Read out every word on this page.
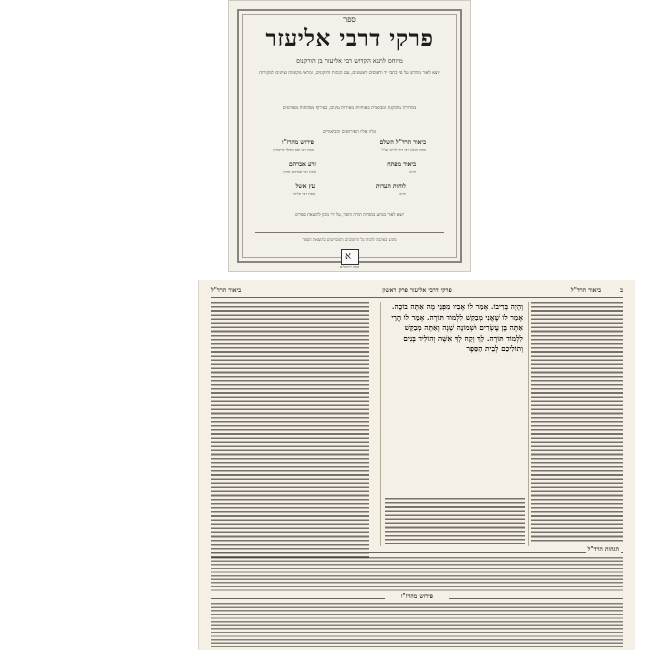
ספר
פרקי דרבי אליעזר
מיוחס לתנא הקדוש רבי אליעזר בן הורקנוס
יוצא לאור מחדש על פי כתבי יד ודפוסים ראשונים, עם הגהות ותיקונים, ומראי מקומות וציונים למקורות
מהדורה מתוקנת ומבוארת באותיות מאירות עינים, בצירוף מפתחות מפורטים
ונלוו אליו הפירושים והביאורים
ביאור הרד"ל השלם
מאת הגאון רבי דוד לוריא זצ"ל
פירוש מהרז"ו
מאת רבי זאב וואלף איינהורן
ביאור מפתח
חדש
זרע אברהם
מאת רבי אברהם אהרן
לוחות העדות
חדש
עץ אשל
מאת רבי אליהו
יוצא לאור בסיוע מוסדות תורה וחסד, על ידי מכון להוצאת ספרים
מוגש באהבה לזכות כל התומכים והמסייעים בהוצאת הספר
א
מכון ירושלים
ב
ביאור הרד"ל
פרקי דרבי אליעזר פרק ראשון
ביאור הרד"ל
וְהָיָה בְּרִיבוֹ. אָמַר לוֹ אָבִיו מִפְּנֵי מָה אַתָּה בוֹכֶה. אָמַר לוֹ שֶׁאֲנִי מְבַקֵּשׁ לִלְמוֹד תּוֹרָה. אָמַר לוֹ הֲרֵי אַתָּה בֶּן עֶשְׂרִים וּשְׁמוֹנֶה שָׁנָה וְאַתָּה מְבַקֵּשׁ לִלְמוֹד תּוֹרָה. לֵךְ וְקַח לְךָ אִשָּׁה וְהוֹלִיד בָּנִים וְתוֹלִיכֵם לְבֵית הַסֵּפֶר
הגהות הרד"ל
פירוש מהרז"ו
